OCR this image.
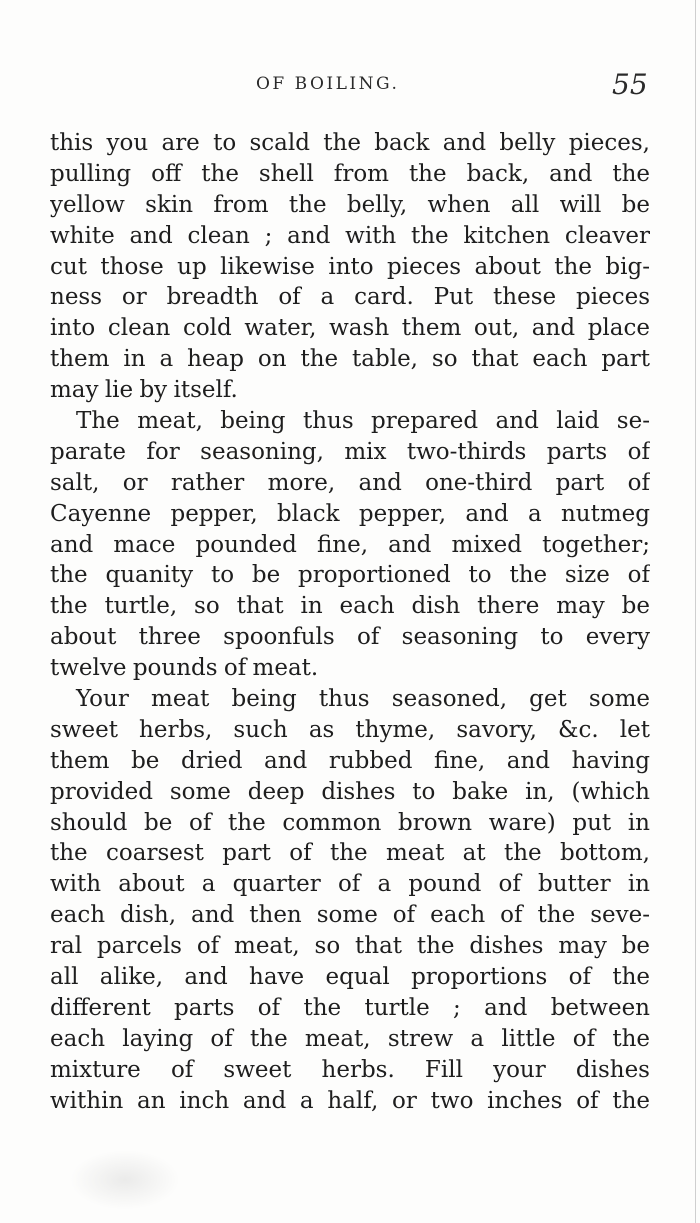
OF BOILING.	55
this you are to scald the back and belly pieces,
pulling off the shell from the back, and the
yellow skin from the belly, when all will be
white and clean ; and with the kitchen cleaver
cut those up likewise into pieces about the big-
ness or breadth of a card. Put these pieces
into clean cold water, wash them out, and place
them in a heap on the table, so that each part
may lie by itself.
The meat, being thus prepared and laid se-
parate for seasoning, mix two-thirds parts of
salt, or rather more, and one-third part of
Cayenne pepper, black pepper, and a nutmeg
and mace pounded fine, and mixed together;
the quanity to be proportioned to the size of
the turtle, so that in each dish there may be
about three spoonfuls of seasoning to every
twelve pounds of meat.
Your meat being thus seasoned, get some
sweet herbs, such as thyme, savory, &c. let
them be dried and rubbed fine, and having
provided some deep dishes to bake in, (which
should be of the common brown ware) put in
the coarsest part of the meat at the bottom,
with about a quarter of a pound of butter in
each dish, and then some of each of the seve-
ral parcels of meat, so that the dishes may be
all alike, and have equal proportions of the
different parts of the turtle ; and between
each laying of the meat, strew a little of the
mixture of sweet herbs. Fill your dishes
within an inch and a half, or two inches of the
